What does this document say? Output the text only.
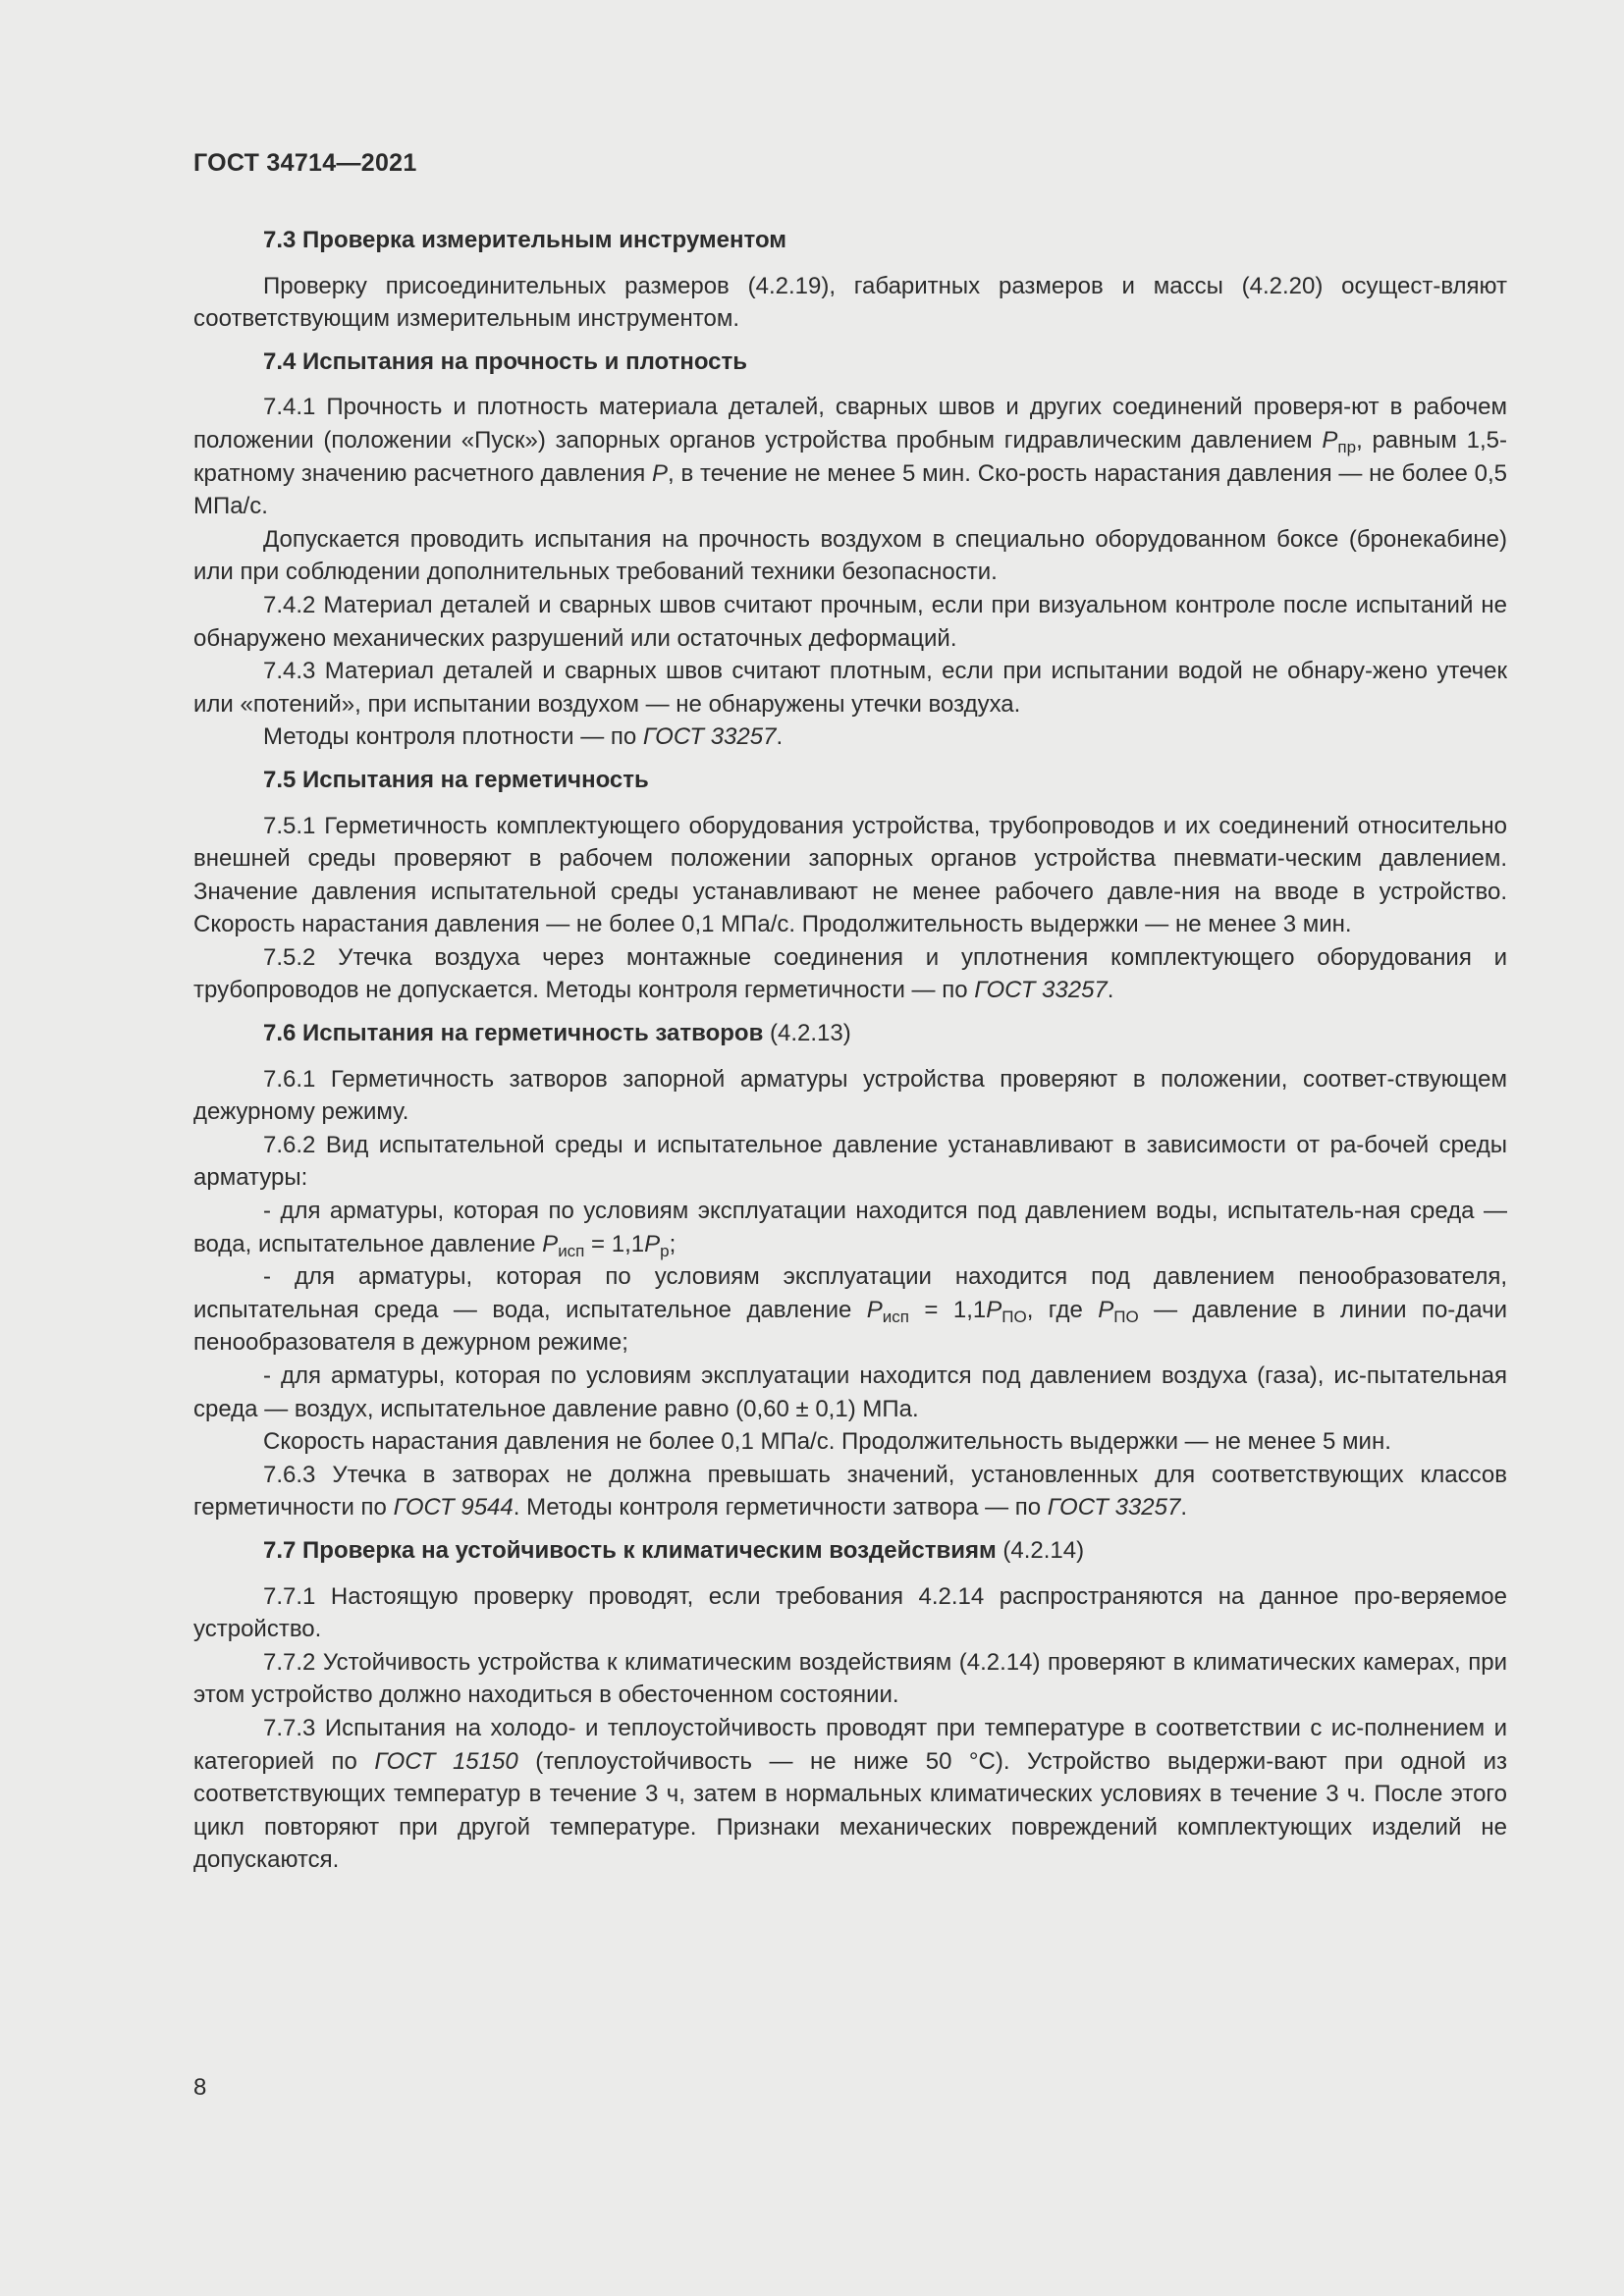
ГОСТ 34714—2021

7.3 Проверка измерительным инструментом

Проверку присоединительных размеров (4.2.19), габаритных размеров и массы (4.2.20) осущест-вляют соответствующим измерительным инструментом.

7.4 Испытания на прочность и плотность

7.4.1 Прочность и плотность материала деталей, сварных швов и других соединений проверя-ют в рабочем положении (положении «Пуск») запорных органов устройства пробным гидравлическим давлением $P_{пр}$, равным 1,5-кратному значению расчетного давления P, в течение не менее 5 мин. Ско-рость нарастания давления — не более 0,5 МПа/с.

Допускается проводить испытания на прочность воздухом в специально оборудованном боксе (бронекабине) или при соблюдении дополнительных требований техники безопасности.

7.4.2 Материал деталей и сварных швов считают прочным, если при визуальном контроле после испытаний не обнаружено механических разрушений или остаточных деформаций.

7.4.3 Материал деталей и сварных швов считают плотным, если при испытании водой не обнару-жено утечек или «потений», при испытании воздухом — не обнаружены утечки воздуха.

Методы контроля плотности — по ГОСТ 33257.

7.5 Испытания на герметичность

7.5.1 Герметичность комплектующего оборудования устройства, трубопроводов и их соединений относительно внешней среды проверяют в рабочем положении запорных органов устройства пневмати-ческим давлением. Значение давления испытательной среды устанавливают не менее рабочего давле-ния на вводе в устройство. Скорость нарастания давления — не более 0,1 МПа/с. Продолжительность выдержки — не менее 3 мин.

7.5.2 Утечка воздуха через монтажные соединения и уплотнения комплектующего оборудования и трубопроводов не допускается. Методы контроля герметичности — по ГОСТ 33257.

7.6 Испытания на герметичность затворов (4.2.13)

7.6.1 Герметичность затворов запорной арматуры устройства проверяют в положении, соответ-ствующем дежурному режиму.

7.6.2 Вид испытательной среды и испытательное давление устанавливают в зависимости от ра-бочей среды арматуры:

- для арматуры, которая по условиям эксплуатации находится под давлением воды, испытатель-ная среда — вода, испытательное давление $P_{исп} = 1,1P_р$;

- для арматуры, которая по условиям эксплуатации находится под давлением пенообразователя, испытательная среда — вода, испытательное давление $P_{исп} = 1,1P_{ПО}$, где $P_{ПО}$ — давление в линии по-дачи пенообразователя в дежурном режиме;

- для арматуры, которая по условиям эксплуатации находится под давлением воздуха (газа), ис-пытательная среда — воздух, испытательное давление равно (0,60 ± 0,1) МПа.

Скорость нарастания давления не более 0,1 МПа/с. Продолжительность выдержки — не менее 5 мин.

7.6.3 Утечка в затворах не должна превышать значений, установленных для соответствующих классов герметичности по ГОСТ 9544. Методы контроля герметичности затвора — по ГОСТ 33257.

7.7 Проверка на устойчивость к климатическим воздействиям (4.2.14)

7.7.1 Настоящую проверку проводят, если требования 4.2.14 распространяются на данное про-веряемое устройство.

7.7.2 Устойчивость устройства к климатическим воздействиям (4.2.14) проверяют в климатических камерах, при этом устройство должно находиться в обесточенном состоянии.

7.7.3 Испытания на холодо- и теплоустойчивость проводят при температуре в соответствии с ис-полнением и категорией по ГОСТ 15150 (теплоустойчивость — не ниже 50 °С). Устройство выдержи-вают при одной из соответствующих температур в течение 3 ч, затем в нормальных климатических условиях в течение 3 ч. После этого цикл повторяют при другой температуре. Признаки механических повреждений комплектующих изделий не допускаются.

8
